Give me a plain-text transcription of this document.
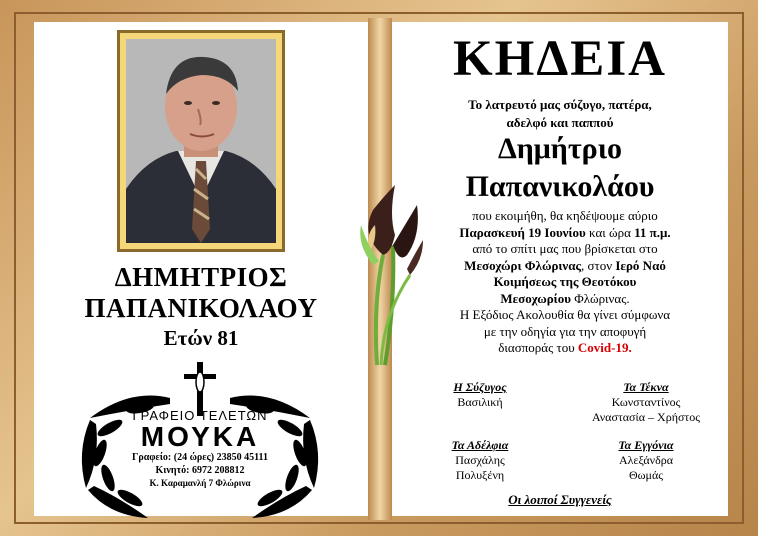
ΔΗΜΗΤΡΙΟΣ
ΠΑΠΑΝΙΚΟΛΑΟΥ
Ετών 81
ΓΡΑΦΕΙΟ ΤΕΛΕΤΩΝ
ΜΟΥΚΑ
Γραφείο: (24 ώρες) 23850 45111
Κινητό: 6972 208812
Κ. Καραμανλή 7 Φλώρινα
ΚΗΔΕΙΑ
Το λατρευτό μας σύζυγο, πατέρα,
αδελφό και παππού
Δημήτριο
Παπανικολάου
που εκοιμήθη, θα κηδέψουμε αύριο
Παρασκευή 19 Ιουνίου και ώρα 11 π.μ.
από το σπίτι μας που βρίσκεται στο
Μεσοχώρι Φλώρινας, στον Ιερό Ναό
Κοιμήσεως της Θεοτόκου
Μεσοχωρίου Φλώρινας.
Η Εξόδιος Ακολουθία θα γίνει σύμφωνα
με την οδηγία για την αποφυγή
διασποράς του Covid-19.
Η Σύζυγος
Βασιλική
Τα Τέκνα
Κωνσταντίνος
Αναστασία – Χρήστος
Τα Αδέλφια
Πασχάλης
Πολυξένη
Τα Εγγόνια
Αλεξάνδρα
Θωμάς
Οι λοιποί Συγγενείς
